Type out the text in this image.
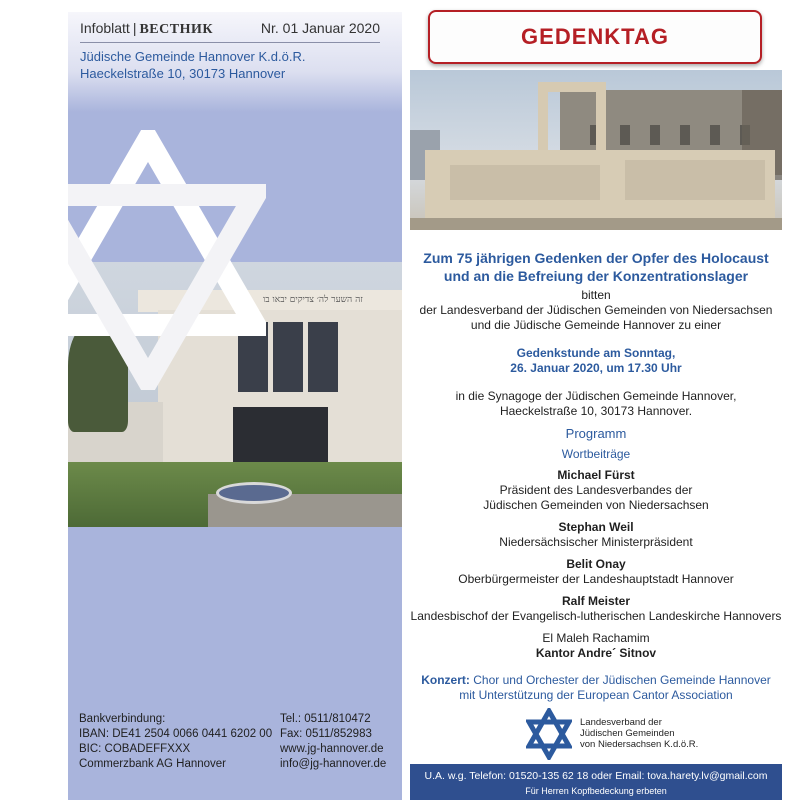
Infoblatt | ВЕСТНИК	Nr. 01 Januar 2020
Jüdische Gemeinde Hannover K.d.ö.R.
Haeckelstraße 10, 30173 Hannover
זה השער לה׳ צדיקים יבאו בו
Bankverbindung:
IBAN: DE41 2504 0066 0441 6202 00
BIC: COBADEFFXXX
Commerzbank AG Hannover
Tel.: 0511/810472
Fax: 0511/852983
www.jg-hannover.de
info@jg-hannover.de
GEDENKTAG
Zum 75 jährigen Gedenken der Opfer des Holocaust
und an die Befreiung der Konzentrationslager
bitten
der Landesverband der Jüdischen Gemeinden von Niedersachsen
und die Jüdische Gemeinde Hannover zu einer
Gedenkstunde am Sonntag,
26. Januar 2020, um 17.30 Uhr
in die Synagoge der Jüdischen Gemeinde Hannover,
Haeckelstraße 10, 30173 Hannover.
Programm
Wortbeiträge
Michael Fürst
Präsident des Landesverbandes der
Jüdischen Gemeinden von Niedersachsen
Stephan Weil
Niedersächsischer Ministerpräsident
Belit Onay
Oberbürgermeister der Landeshauptstadt Hannover
Ralf Meister
Landesbischof der Evangelisch-lutherischen Landeskirche Hannovers
El Maleh Rachamim
Kantor Andre´ Sitnov
Konzert: Chor und Orchester der Jüdischen Gemeinde Hannover
mit Unterstützung der European Cantor Association
Landesverband der
Jüdischen Gemeinden
von Niedersachsen K.d.ö.R.
U.A. w.g. Telefon: 01520-135 62 18 oder Email: tova.harety.lv@gmail.com
Für Herren Kopfbedeckung erbeten
